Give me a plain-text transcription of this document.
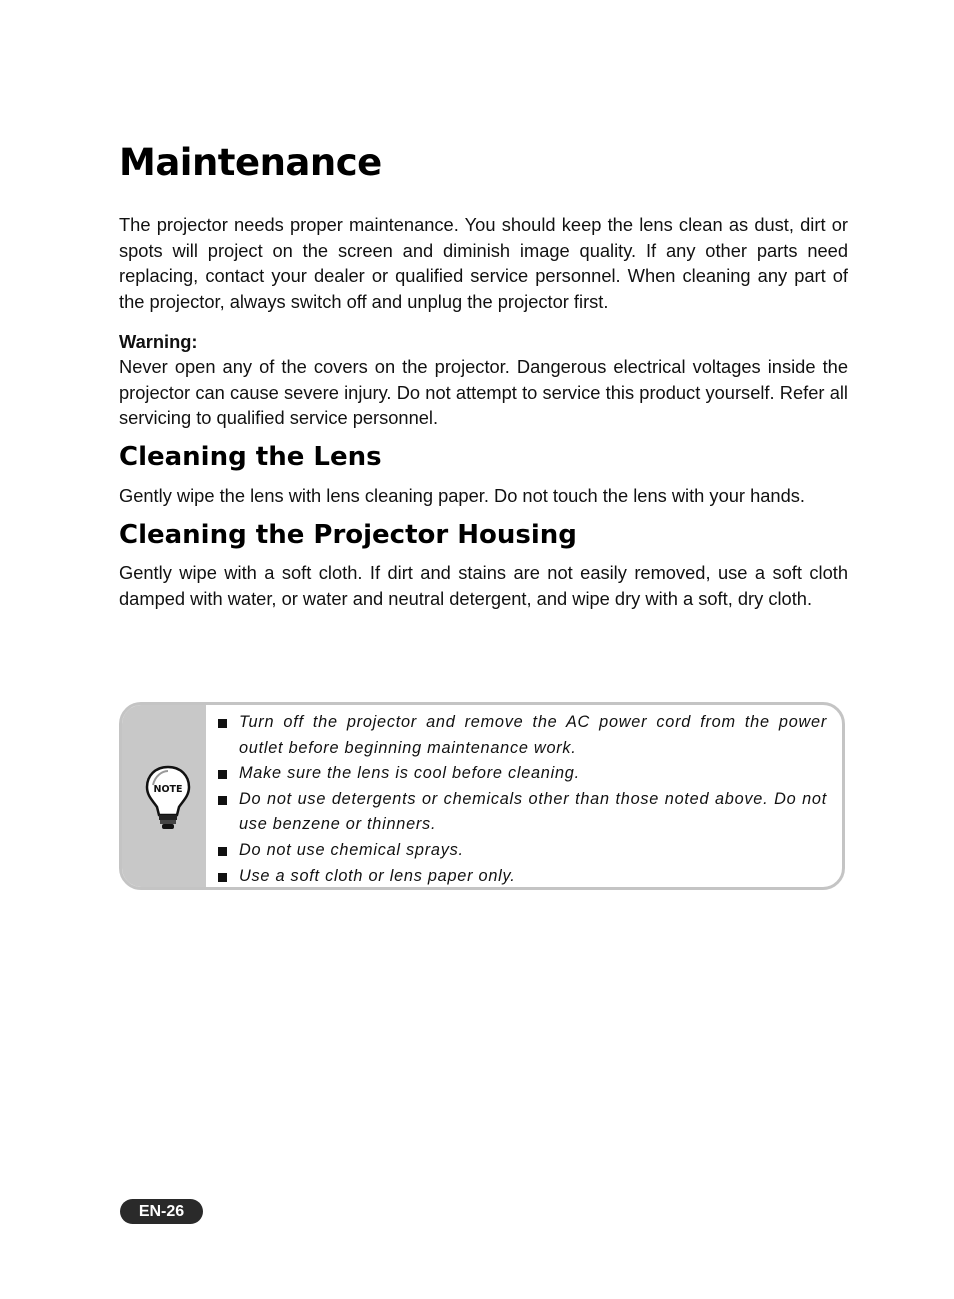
Maintenance

The projector needs proper maintenance. You should keep the lens clean as dust, dirt or spots will project on the screen and diminish image quality. If any other parts need replacing, contact your dealer or qualified service personnel. When cleaning any part of the projector, always switch off and unplug the projector first.

Warning:

Never open any of the covers on the projector. Dangerous electrical voltages inside the projector can cause severe injury. Do not attempt to service this product yourself. Refer all servicing to qualified service personnel.

Cleaning the Lens

Gently wipe the lens with lens cleaning paper. Do not touch the lens with your hands.

Cleaning the Projector Housing

Gently wipe with a soft cloth. If dirt and stains are not easily removed, use a soft cloth damped with water, or water and neutral detergent, and wipe dry with a soft, dry cloth.

NOTE
Turn off the projector and remove the AC power cord from the power outlet before beginning maintenance work.
Make sure the lens is cool before cleaning.
Do not use detergents or chemicals other than those noted above. Do not use benzene or thinners.
Do not use chemical sprays.
Use a soft cloth or lens paper only.
EN-26
